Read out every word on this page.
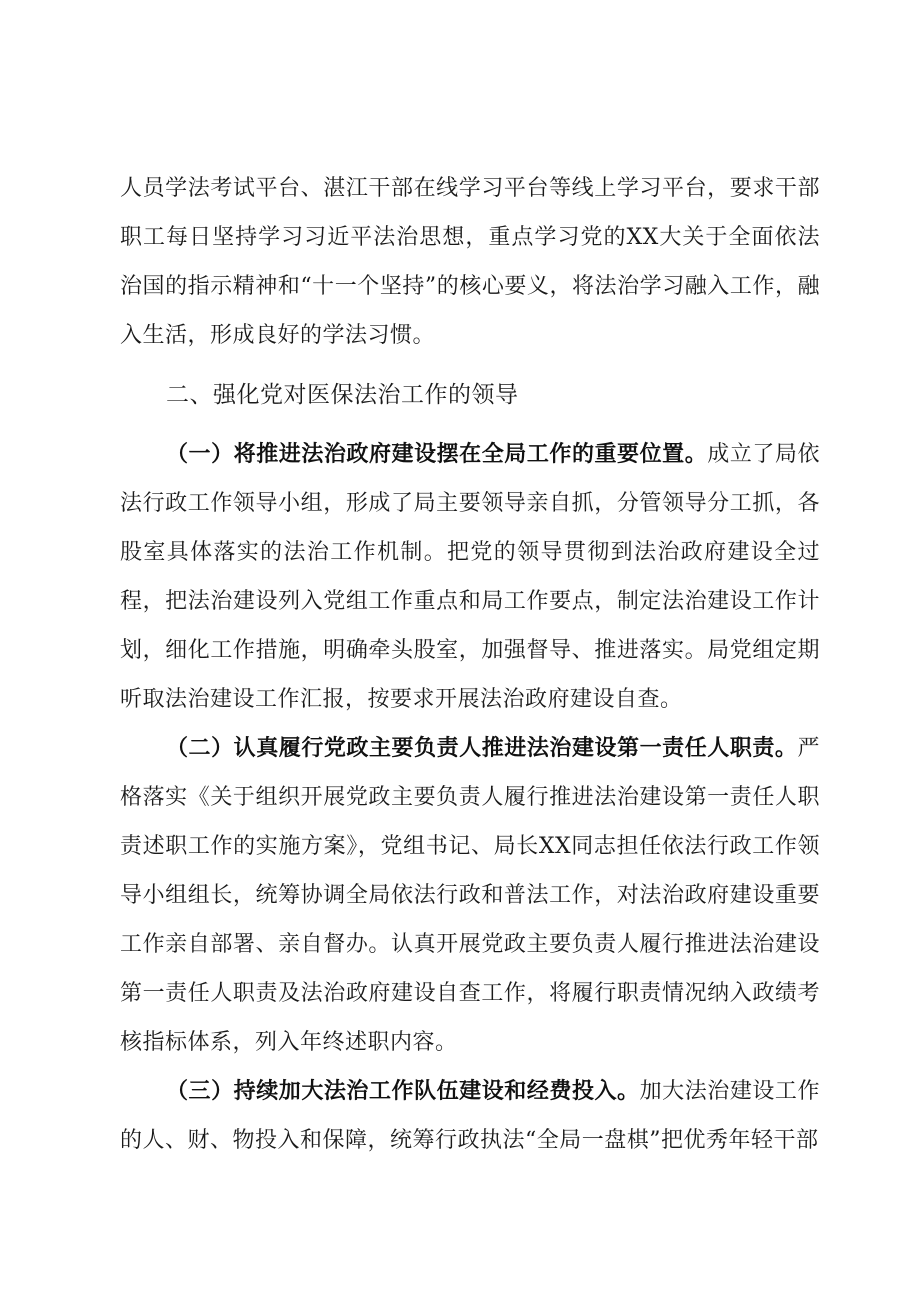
人员学法考试平台、湛江干部在线学习平台等线上学习平台，要求干部职工每日坚持学习习近平法治思想，重点学习党的XX大关于全面依法治国的指示精神和“十一个坚持”的核心要义，将法治学习融入工作，融入生活，形成良好的学法习惯。

二、强化党对医保法治工作的领导

（一）将推进法治政府建设摆在全局工作的重要位置。成立了局依法行政工作领导小组，形成了局主要领导亲自抓，分管领导分工抓，各股室具体落实的法治工作机制。把党的领导贯彻到法治政府建设全过程，把法治建设列入党组工作重点和局工作要点，制定法治建设工作计划，细化工作措施，明确牵头股室，加强督导、推进落实。局党组定期听取法治建设工作汇报，按要求开展法治政府建设自查。

（二）认真履行党政主要负责人推进法治建设第一责任人职责。严格落实《关于组织开展党政主要负责人履行推进法治建设第一责任人职责述职工作的实施方案》，党组书记、局长XX同志担任依法行政工作领导小组组长，统筹协调全局依法行政和普法工作，对法治政府建设重要工作亲自部署、亲自督办。认真开展党政主要负责人履行推进法治建设第一责任人职责及法治政府建设自查工作，将履行职责情况纳入政绩考核指标体系，列入年终述职内容。

（三）持续加大法治工作队伍建设和经费投入。加大法治建设工作的人、财、物投入和保障，统筹行政执法“全局一盘棋”把优秀年轻干部
